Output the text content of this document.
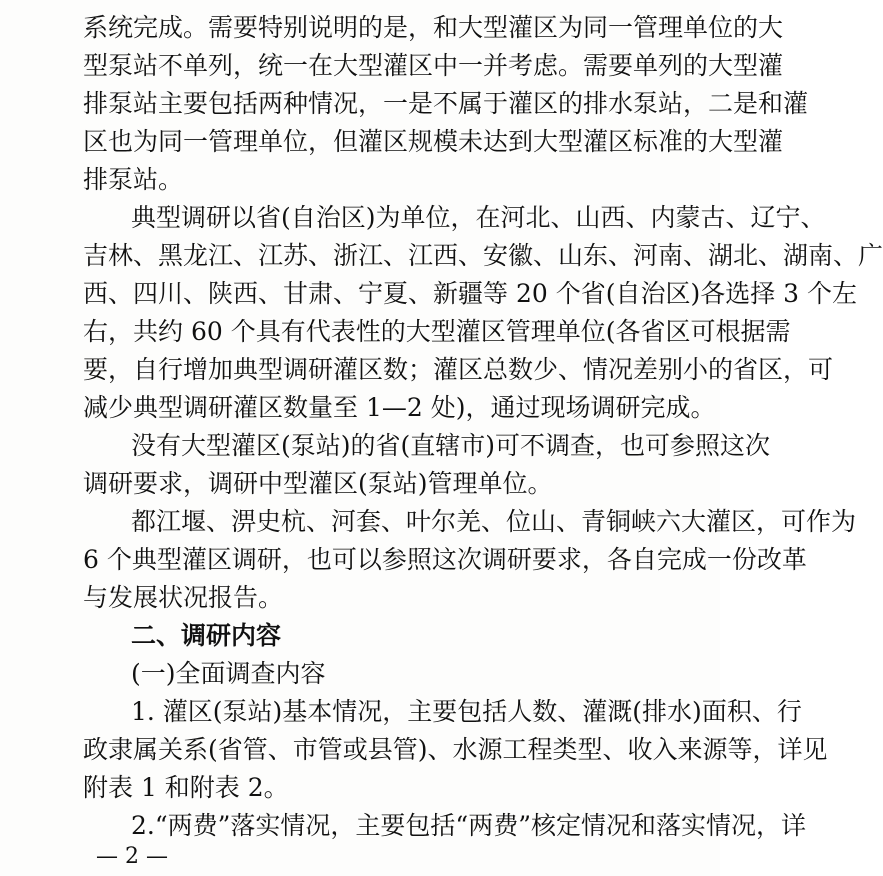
系统完成。需要特别说明的是，和大型灌区为同一管理单位的大
型泵站不单列，统一在大型灌区中一并考虑。需要单列的大型灌
排泵站主要包括两种情况，一是不属于灌区的排水泵站，二是和灌
区也为同一管理单位，但灌区规模未达到大型灌区标准的大型灌
排泵站。
典型调研以省(自治区)为单位，在河北、山西、内蒙古、辽宁、
吉林、黑龙江、江苏、浙江、江西、安徽、山东、河南、湖北、湖南、广
西、四川、陕西、甘肃、宁夏、新疆等 20 个省(自治区)各选择 3 个左
右，共约 60 个具有代表性的大型灌区管理单位(各省区可根据需
要，自行增加典型调研灌区数；灌区总数少、情况差别小的省区，可
减少典型调研灌区数量至 1—2 处)，通过现场调研完成。
没有大型灌区(泵站)的省(直辖市)可不调查，也可参照这次
调研要求，调研中型灌区(泵站)管理单位。
都江堰、淠史杭、河套、叶尔羌、位山、青铜峡六大灌区，可作为
6 个典型灌区调研，也可以参照这次调研要求，各自完成一份改革
与发展状况报告。
二、调研内容
(一)全面调查内容
1. 灌区(泵站)基本情况，主要包括人数、灌溉(排水)面积、行
政隶属关系(省管、市管或县管)、水源工程类型、收入来源等，详见
附表 1 和附表 2。
2.“两费”落实情况，主要包括“两费”核定情况和落实情况，详
— 2 —
